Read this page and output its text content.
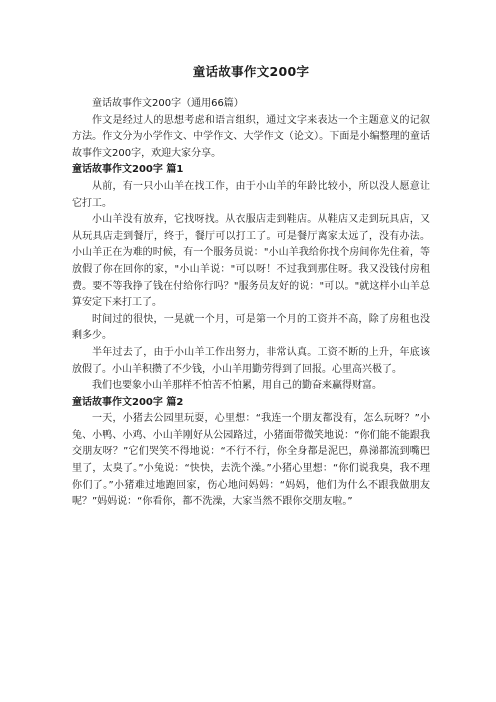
童话故事作文200字

童话故事作文200字（通用66篇）

作文是经过人的思想考虑和语言组织，通过文字来表达一个主题意义的记叙方法。作文分为小学作文、中学作文、大学作文（论文）。下面是小编整理的童话故事作文200字，欢迎大家分享。

童话故事作文200字 篇1

从前，有一只小山羊在找工作，由于小山羊的年龄比较小，所以没人愿意让它打工。

小山羊没有放弃，它找呀找。从衣服店走到鞋店。从鞋店又走到玩具店，又从玩具店走到餐厅，终于，餐厅可以打工了。可是餐厅离家太远了，没有办法。小山羊正在为难的时候，有一个服务员说："小山羊我给你找个房间你先住着，等放假了你在回你的家，"小山羊说："可以呀！不过我到那住呀。我又没钱付房租费。要不等我挣了钱在付给你行吗？"服务员友好的说："可以。"就这样小山羊总算安定下来打工了。

时间过的很快，一晃就一个月，可是第一个月的工资并不高，除了房租也没剩多少。

半年过去了，由于小山羊工作出努力，非常认真。工资不断的上升，年底该放假了。小山羊积攒了不少钱，小山羊用勤劳得到了回报。心里高兴极了。

我们也要象小山羊那样不怕苦不怕累，用自己的勤奋来赢得财富。

童话故事作文200字 篇2

一天，小猪去公园里玩耍，心里想：“我连一个朋友都没有，怎么玩呀？”小兔、小鸭、小鸡、小山羊刚好从公园路过，小猪面带微笑地说：“你们能不能跟我交朋友呀？”它们哭笑不得地说：“不行不行，你全身都是泥巴，鼻涕都流到嘴巴里了，太臭了。”小兔说：“快快，去洗个澡。”小猪心里想：“你们说我臭，我不理你们了。”小猪难过地跑回家，伤心地问妈妈：“妈妈，他们为什么不跟我做朋友呢？”妈妈说：“你看你，都不洗澡，大家当然不跟你交朋友啦。”
